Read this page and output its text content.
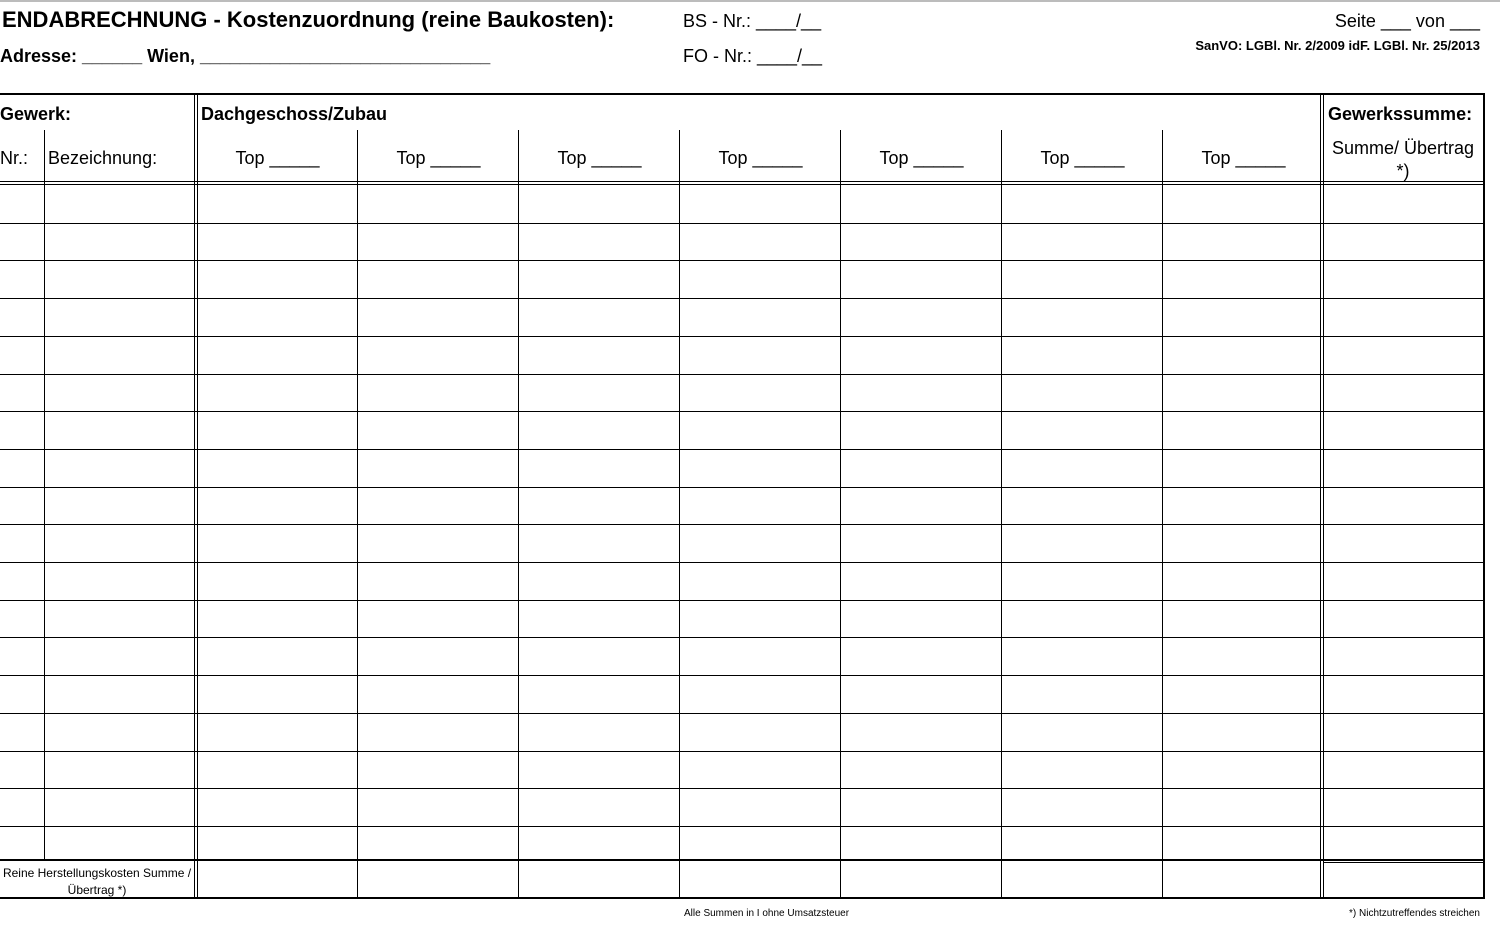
ENDABRECHNUNG - Kostenzuordnung (reine Baukosten):
Adresse: ______ Wien, _____________________________
BS - Nr.: ____/__
FO - Nr.: ____/__
Seite ___ von ___
SanVO: LGBl. Nr. 2/2009 idF. LGBl. Nr. 25/2013
Gewerk:	Dachgeschoss/Zubau	Gewerkssumme:
Nr.: Bezeichnung:	Top _____	Top _____	Top _____	Top _____	Top _____	Top _____	Top _____	Summe/ Übertrag *)
Reine Herstellungskosten Summe / Übertrag *)
Alle Summen in I ohne Umsatzsteuer	*) Nichtzutreffendes streichen
